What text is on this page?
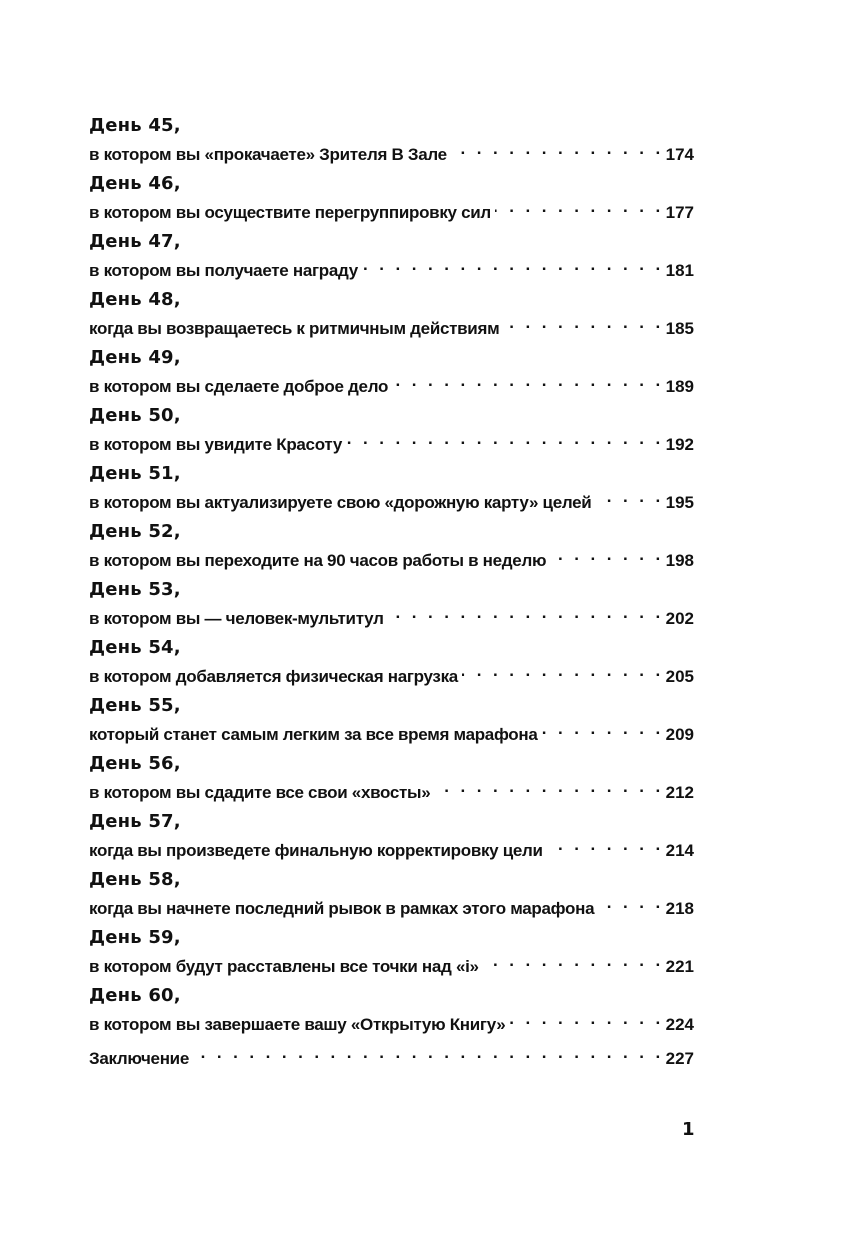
День 45,
в котором вы «прокачаете» Зрителя В Зале . . .	174
День 46,
в котором вы осуществите перегруппировку сил . . .	177
День 47,
в котором вы получаете награду . . .	181
День 48,
когда вы возвращаетесь к ритмичным действиям . . .	185
День 49,
в котором вы сделаете доброе дело . . .	189
День 50,
в котором вы увидите Красоту . . .	192
День 51,
в котором вы актуализируете свою «дорожную карту» целей . . .	195
День 52,
в котором вы переходите на 90 часов работы в неделю . . .	198
День 53,
в котором вы — человек-мультитул . . .	202
День 54,
в котором добавляется физическая нагрузка . . .	205
День 55,
который станет самым легким за все время марафона . . .	209
День 56,
в котором вы сдадите все свои «хвосты» . . .	212
День 57,
когда вы произведете финальную корректировку цели . . .	214
День 58,
когда вы начнете последний рывок в рамках этого марафона . . .	218
День 59,
в котором будут расставлены все точки над «i» . . .	221
День 60,
в котором вы завершаете вашу «Открытую Книгу» . . .	224
Заключение . . .	227
1
